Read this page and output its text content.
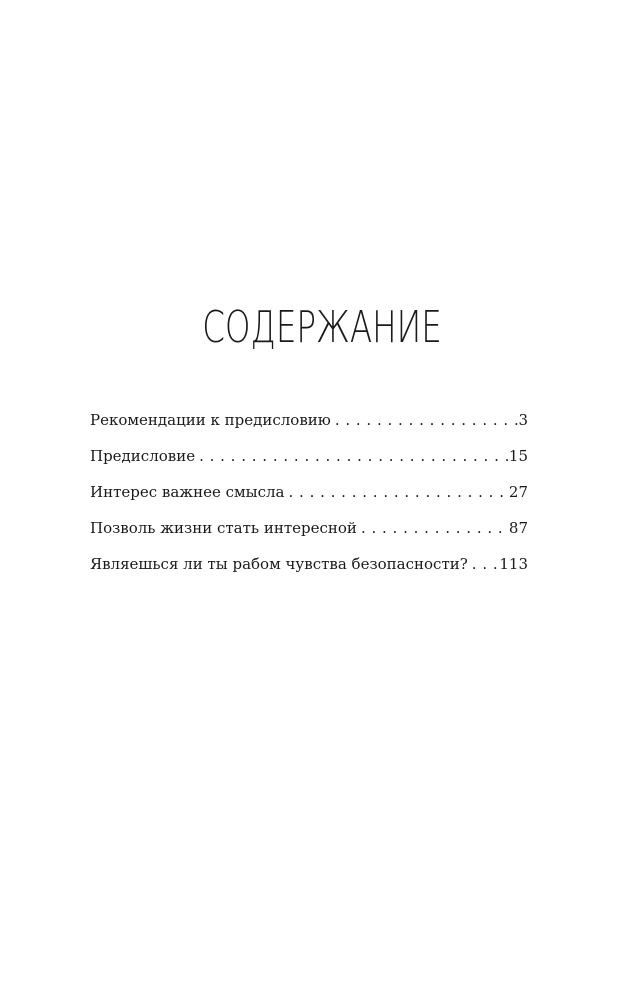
СОДЕРЖАНИЕ
Рекомендации к предисловию . . .	3
Предисловие . . .	15
Интерес важнее смысла . . .	27
Позволь жизни стать интересной . . .	87
Являешься ли ты рабом чувства безопасности? . . . 113
